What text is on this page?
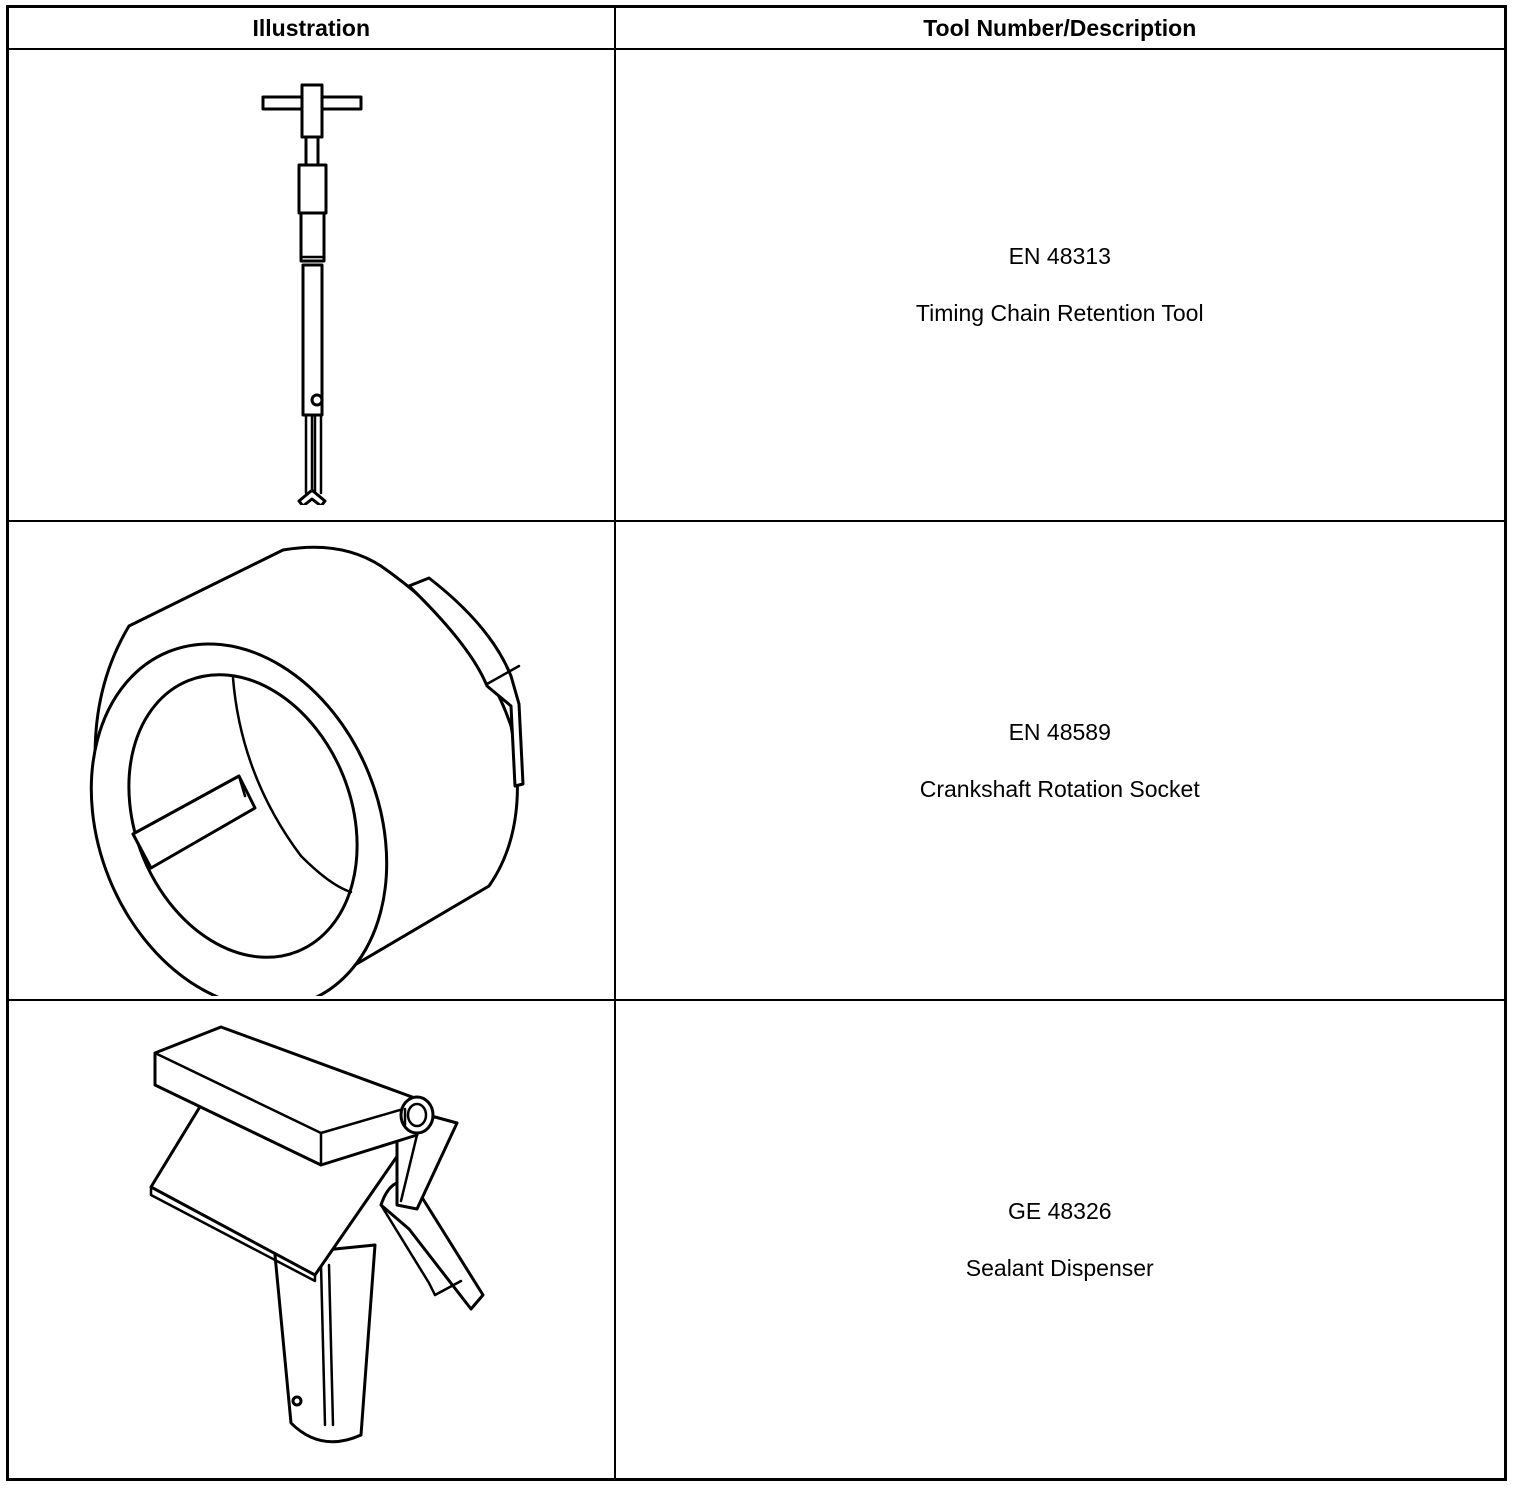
Illustration	Tool Number/Description

EN 48313
Timing Chain Retention Tool

EN 48589
Crankshaft Rotation Socket

GE 48326
Sealant Dispenser
